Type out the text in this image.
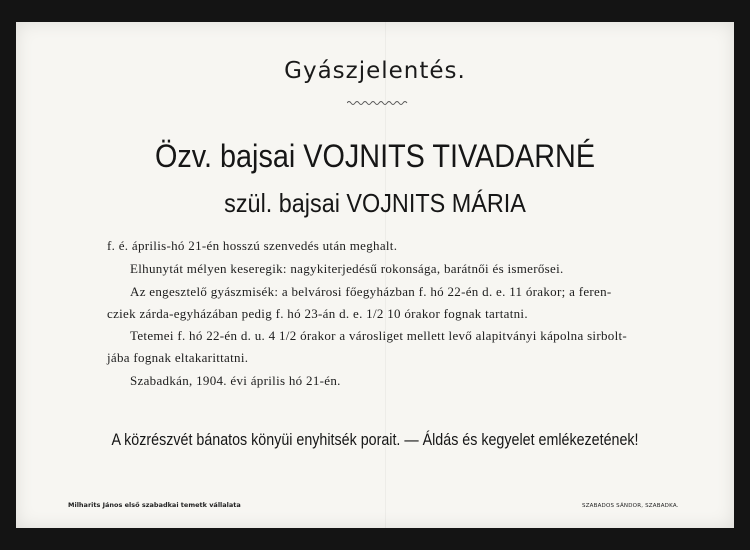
Gyászjelentés.
Özv. bajsai VOJNITS TIVADARNÉ
szül. bajsai VOJNITS MÁRIA
f. é. április-hó 21-én hosszú szenvedés után meghalt.
Elhunytát mélyen keseregik: nagykiterjedésű rokonsága, barátnői és ismerősei.
Az engesztelő gyászmisék: a belvárosi főegyházban f. hó 22-én d. e. 11 órakor; a feren-
cziek zárda-egyházában pedig f. hó 23-án d. e. 1/2 10 órakor fognak tartatni.
Tetemei f. hó 22-én d. u. 4 1/2 órakor a városliget mellett levő alapitványi kápolna sirbolt-
jába fognak eltakarittatni.
Szabadkán, 1904. évi április hó 21-én.
A közrészvét bánatos könyüi enyhitsék porait. — Áldás és kegyelet emlékezetének!
Milharits János első szabadkai temetk vállalata	SZABADOS SÁNDOR, SZABADKA.
